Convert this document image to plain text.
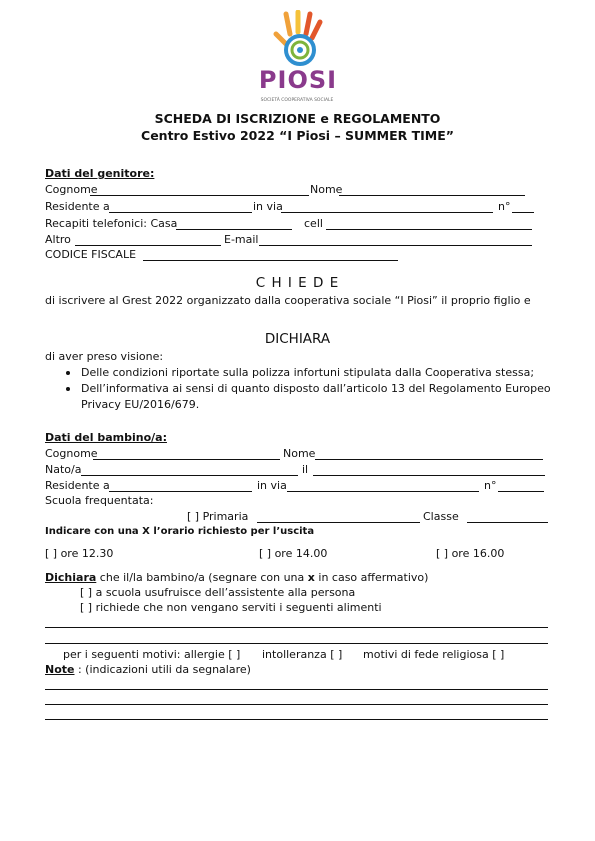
PIOSI
SOCIETÀ COOPERATIVA SOCIALE
SCHEDA DI ISCRIZIONE e REGOLAMENTO
Centro Estivo 2022 “I Piosi – SUMMER TIME”
Dati del genitore:
Cognome	Nome
Residente a	in via	n°
Recapiti telefonici: Casa	cell
Altro	E-mail
CODICE FISCALE
C H I E D E
di iscrivere al Grest 2022 organizzato dalla cooperativa sociale “I Piosi” il proprio figlio e
DICHIARA
di aver preso visione:
Delle condizioni riportate sulla polizza infortuni stipulata dalla Cooperativa stessa;
Dell’informativa ai sensi di quanto disposto dall’articolo 13 del Regolamento Europeo
Privacy EU/2016/679.
Dati del bambino/a:
Cognome	Nome
Nato/a	il
Residente a	in via	n°
Scuola frequentata:
[ ] Primaria	Classe
Indicare con una X l’orario richiesto per l’uscita
[ ] ore 12.30	[ ] ore 14.00	[ ] ore 16.00
Dichiara che il/la bambino/a (segnare con una x in caso affermativo)
[ ] a scuola usufruisce dell’assistente alla persona
[ ] richiede che non vengano serviti i seguenti alimenti
per i seguenti motivi: allergie [ ] intolleranza [ ] motivi di fede religiosa [ ]
Note : (indicazioni utili da segnalare)
